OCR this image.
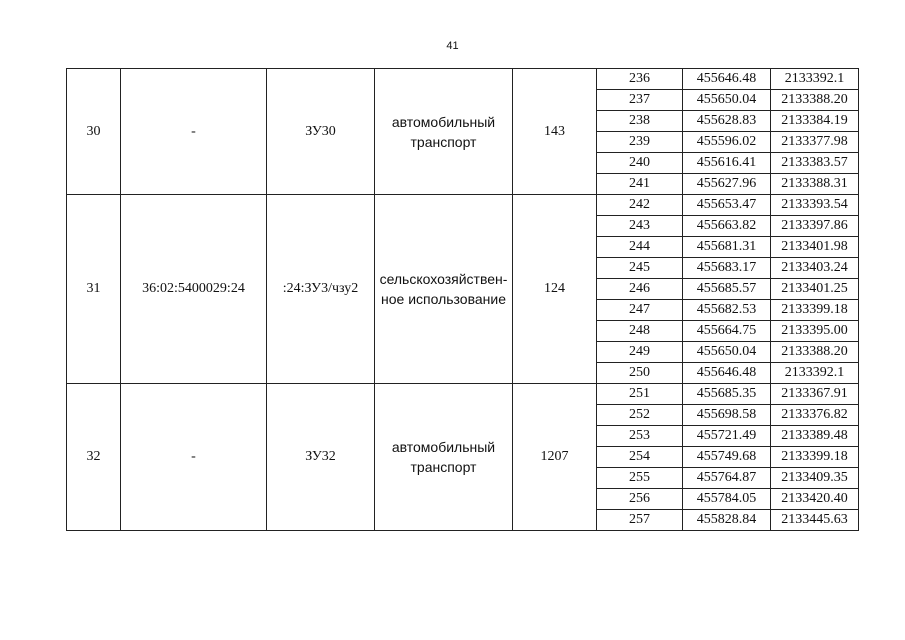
41
30	-	ЗУ30	автомобильный транспорт	143	236	455646.48	2133392.1
					237	455650.04	2133388.20
					238	455628.83	2133384.19
					239	455596.02	2133377.98
					240	455616.41	2133383.57
					241	455627.96	2133388.31
31	36:02:5400029:24	:24:ЗУ3/чзу2	сельскохозяйствен-ное использование	124	242	455653.47	2133393.54
					243	455663.82	2133397.86
					244	455681.31	2133401.98
					245	455683.17	2133403.24
					246	455685.57	2133401.25
					247	455682.53	2133399.18
					248	455664.75	2133395.00
					249	455650.04	2133388.20
					250	455646.48	2133392.1
32	-	ЗУ32	автомобильный транспорт	1207	251	455685.35	2133367.91
					252	455698.58	2133376.82
					253	455721.49	2133389.48
					254	455749.68	2133399.18
					255	455764.87	2133409.35
					256	455784.05	2133420.40
					257	455828.84	2133445.63
